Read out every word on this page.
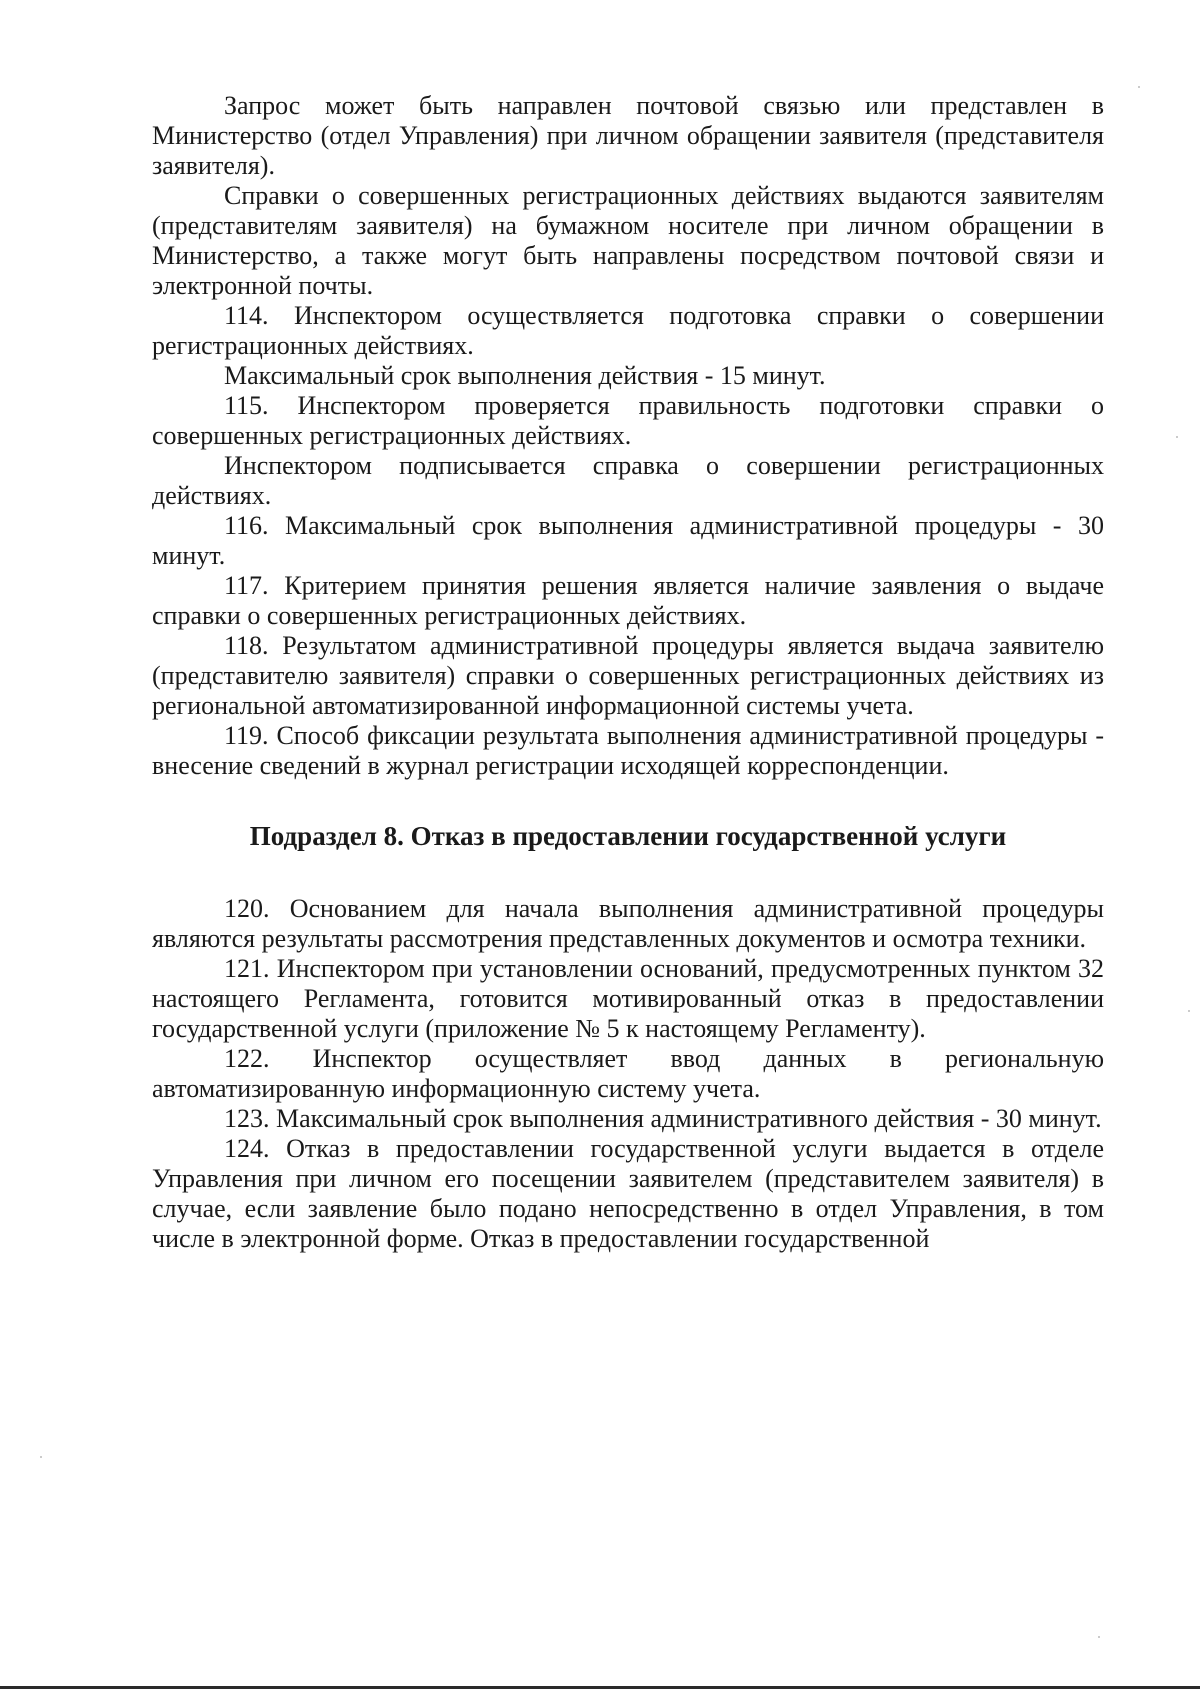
Запрос может быть направлен почтовой связью или представлен в Министерство (отдел Управления) при личном обращении заявителя (представителя заявителя).

Справки о совершенных регистрационных действиях выдаются заявителям (представителям заявителя) на бумажном носителе при личном обращении в Министерство, а также могут быть направлены посредством почтовой связи и электронной почты.

114. Инспектором осуществляется подготовка справки о совершении регистрационных действиях.

Максимальный срок выполнения действия - 15 минут.

115. Инспектором проверяется правильность подготовки справки о совершенных регистрационных действиях.

Инспектором подписывается справка о совершении регистрационных действиях.

116. Максимальный срок выполнения административной процедуры - 30 минут.

117. Критерием принятия решения является наличие заявления о выдаче справки о совершенных регистрационных действиях.

118. Результатом административной процедуры является выдача заявителю (представителю заявителя) справки о совершенных регистрационных действиях из региональной автоматизированной информационной системы учета.

119. Способ фиксации результата выполнения административной процедуры - внесение сведений в журнал регистрации исходящей корреспонденции.

Подраздел 8. Отказ в предоставлении государственной услуги

120. Основанием для начала выполнения административной процедуры являются результаты рассмотрения представленных документов и осмотра техники.

121. Инспектором при установлении оснований, предусмотренных пунктом 32 настоящего Регламента, готовится мотивированный отказ в предоставлении государственной услуги (приложение № 5 к настоящему Регламенту).

122. Инспектор осуществляет ввод данных в региональную автоматизированную информационную систему учета.

123. Максимальный срок выполнения административного действия - 30 минут.

124. Отказ в предоставлении государственной услуги выдается в отделе Управления при личном его посещении заявителем (представителем заявителя) в случае, если заявление было подано непосредственно в отдел Управления, в том числе в электронной форме. Отказ в предоставлении государственной
